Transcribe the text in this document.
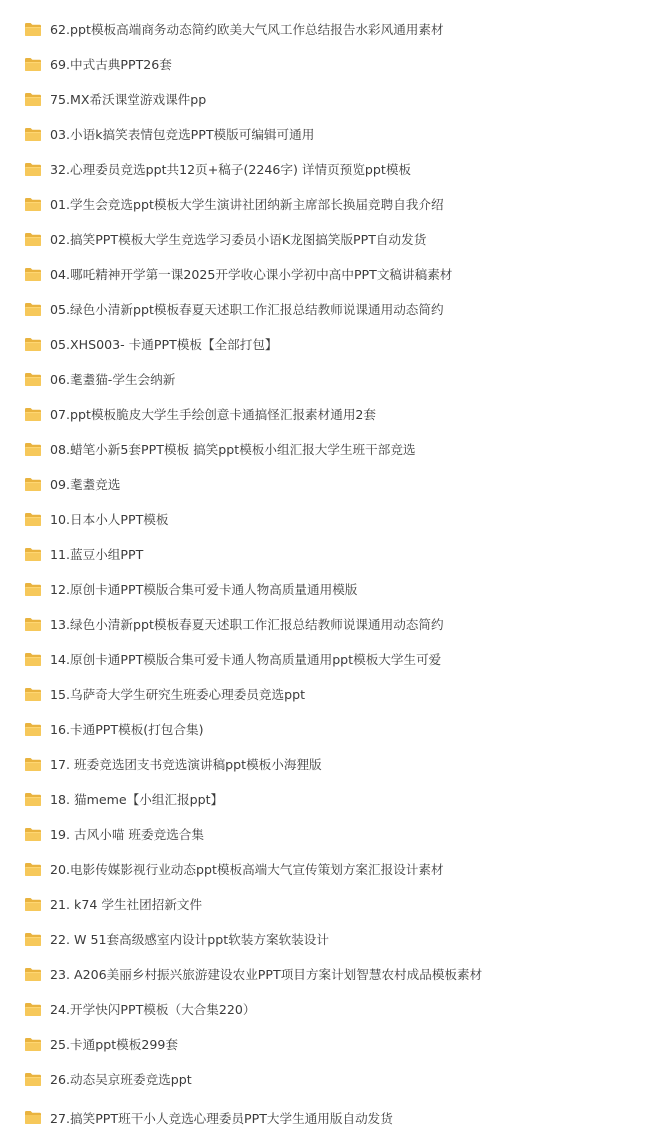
62.ppt模板高端商务动态简约欧美大气风工作总结报告水彩风通用素材
69.中式古典PPT26套
75.MX希沃课堂游戏课件pp
03.小语k搞笑表情包竞选PPT模版可编辑可通用
32.心理委员竞选ppt共12页+稿子(2246字) 详情页预览ppt模板
01.学生会竞选ppt模板大学生演讲社团纳新主席部长换届竞聘自我介绍
02.搞笑PPT模板大学生竞选学习委员小语K龙图搞笑版PPT自动发货
04.哪吒精神开学第一课2025开学收心课小学初中高中PPT文稿讲稿素材
05.绿色小清新ppt模板春夏天述职工作汇报总结教师说课通用动态简约
05.XHS003- 卡通PPT模板【全部打包】
06.耄耋猫-学生会纳新
07.ppt模板脆皮大学生手绘创意卡通搞怪汇报素材通用2套
08.蜡笔小新5套PPT模板 搞笑ppt模板小组汇报大学生班干部竞选
09.耄耋竞选
10.日本小人PPT模板
11.蓝豆小组PPT
12.原创卡通PPT模版合集可爱卡通人物高质量通用模版
13.绿色小清新ppt模板春夏天述职工作汇报总结教师说课通用动态简约
14.原创卡通PPT模版合集可爱卡通人物高质量通用ppt模板大学生可爱
15.乌萨奇大学生研究生班委心理委员竞选ppt
16.卡通PPT模板(打包合集)
17. 班委竞选团支书竞选演讲稿ppt模板小海狸版
18. 猫meme【小组汇报ppt】
19. 古风小喵 班委竞选合集
20.电影传媒影视行业动态ppt模板高端大气宣传策划方案汇报设计素材
21. k74 学生社团招新文件
22. W 51套高级感室内设计ppt软装方案软装设计
23. A206美丽乡村振兴旅游建设农业PPT项目方案计划智慧农村成品模板素材
24.开学快闪PPT模板（大合集220）
25.卡通ppt模板299套
26.动态吴京班委竞选ppt
27.搞笑PPT班干小人竞选心理委员PPT大学生通用版自动发货
